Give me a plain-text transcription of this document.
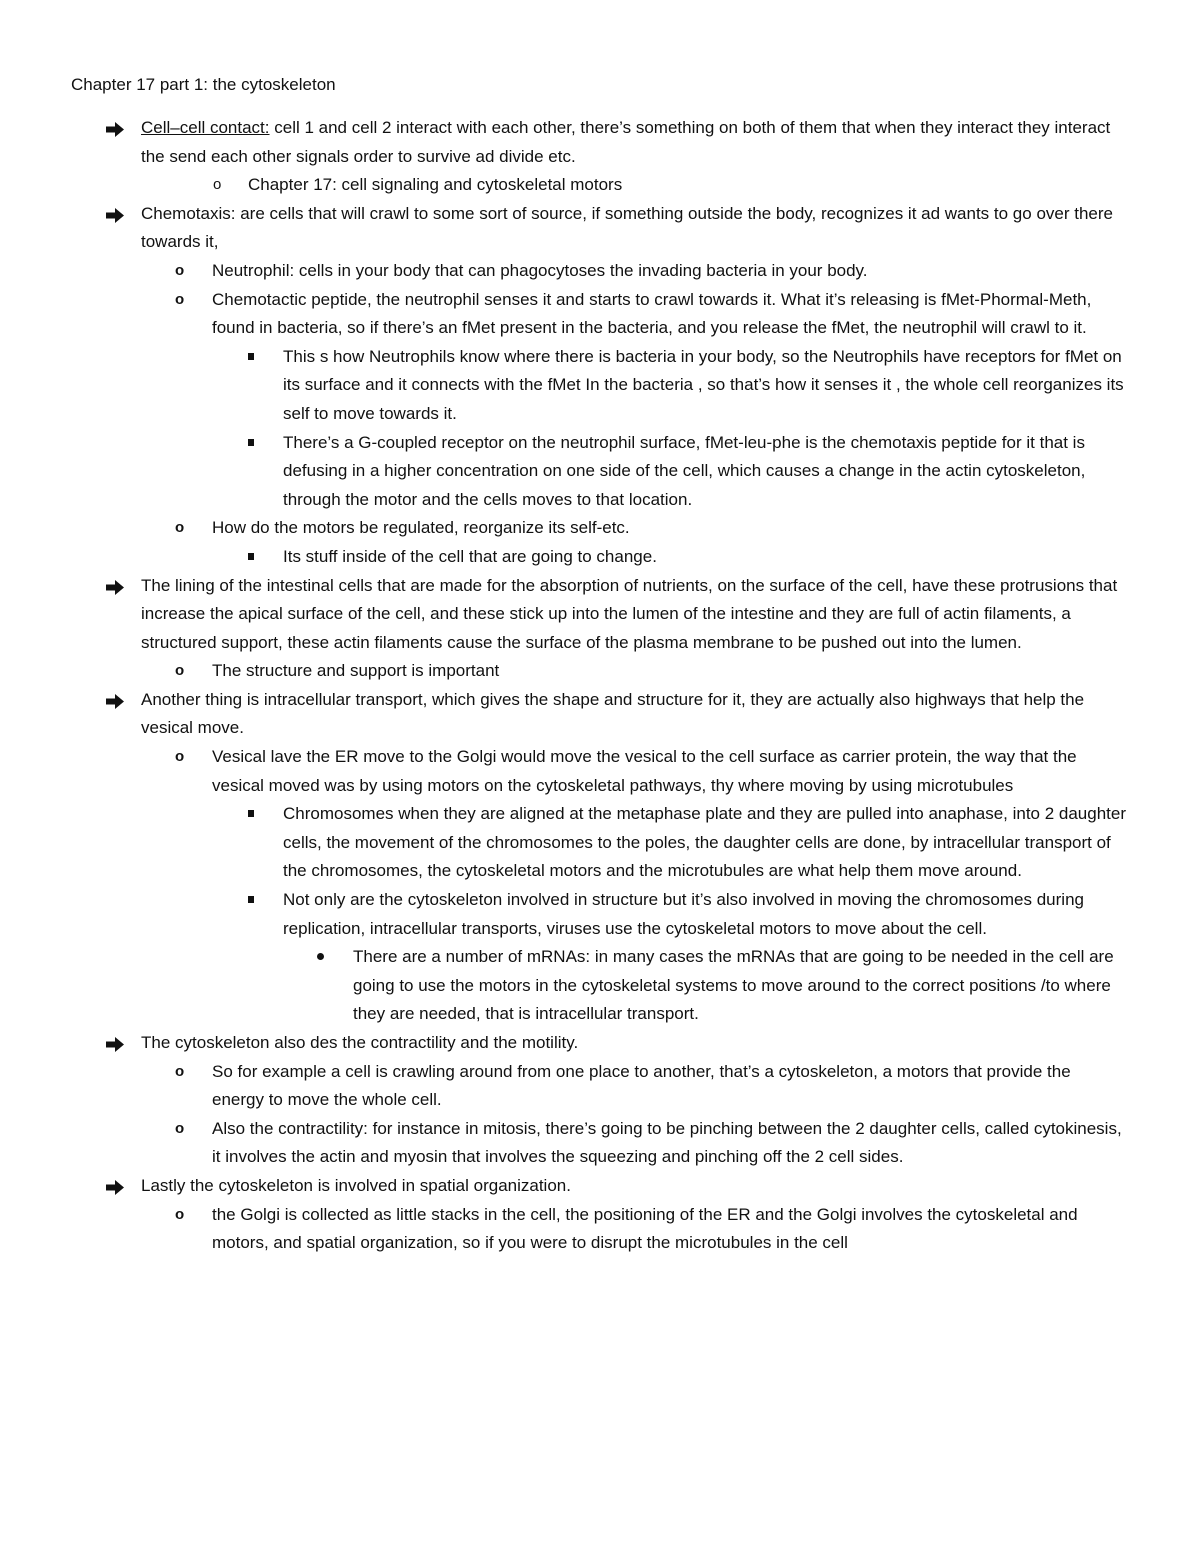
Chapter 17 part 1: the cytoskeleton
Cell–cell contact: cell 1 and cell 2 interact with each other, there’s something on both of them that when they interact they interact the send each other signals order to survive ad divide etc.
o Chapter 17: cell signaling and cytoskeletal motors
Chemotaxis: are cells that will crawl to some sort of source, if something outside the body, recognizes it ad wants to go over there towards it,
o Neutrophil: cells in your body that can phagocytoses the invading bacteria in your body.
o Chemotactic peptide, the neutrophil senses it and starts to crawl towards it. What it’s releasing is fMet-Phormal-Meth, found in bacteria, so if there’s an fMet present in the bacteria, and you release the fMet, the neutrophil will crawl to it.
This s how Neutrophils know where there is bacteria in your body, so the Neutrophils have receptors for fMet on its surface and it connects with the fMet In the bacteria , so that’s how it senses it , the whole cell reorganizes its self to move towards it.
There’s a G-coupled receptor on the neutrophil surface, fMet-leu-phe is the chemotaxis peptide for it that is defusing in a higher concentration on one side of the cell, which causes a change in the actin cytoskeleton, through the motor and the cells moves to that location.
o How do the motors be regulated, reorganize its self-etc.
Its stuff inside of the cell that are going to change.
The lining of the intestinal cells that are made for the absorption of nutrients, on the surface of the cell, have these protrusions that increase the apical surface of the cell, and these stick up into the lumen of the intestine and they are full of actin filaments, a structured support, these actin filaments cause the surface of the plasma membrane to be pushed out into the lumen.
o The structure and support is important
Another thing is intracellular transport, which gives the shape and structure for it, they are actually also highways that help the vesical move.
o Vesical lave the ER move to the Golgi would move the vesical to the cell surface as carrier protein, the way that the vesical moved was by using motors on the cytoskeletal pathways, thy where moving by using microtubules
Chromosomes when they are aligned at the metaphase plate and they are pulled into anaphase, into 2 daughter cells, the movement of the chromosomes to the poles, the daughter cells are done, by intracellular transport of the chromosomes, the cytoskeletal motors and the microtubules are what help them move around.
Not only are the cytoskeleton involved in structure but it’s also involved in moving the chromosomes during replication, intracellular transports, viruses use the cytoskeletal motors to move about the cell.
There are a number of mRNAs: in many cases the mRNAs that are going to be needed in the cell are going to use the motors in the cytoskeletal systems to move around to the correct positions /to where they are needed, that is intracellular transport.
The cytoskeleton also des the contractility and the motility.
o So for example a cell is crawling around from one place to another, that’s a cytoskeleton, a motors that provide the energy to move the whole cell.
o Also the contractility: for instance in mitosis, there’s going to be pinching between the 2 daughter cells, called cytokinesis, it involves the actin and myosin that involves the squeezing and pinching off the 2 cell sides.
Lastly the cytoskeleton is involved in spatial organization.
o the Golgi is collected as little stacks in the cell, the positioning of the ER and the Golgi involves the cytoskeletal and motors, and spatial organization, so if you were to disrupt the microtubules in the cell
